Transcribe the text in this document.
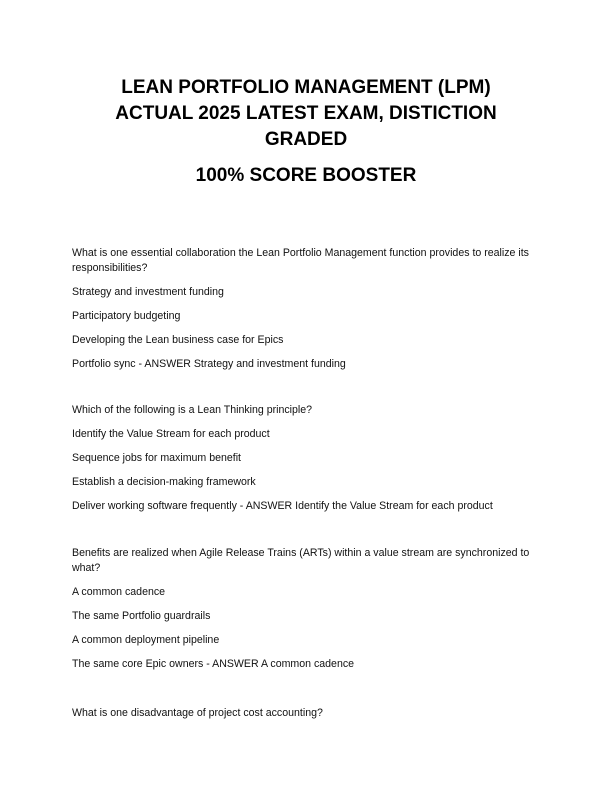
LEAN PORTFOLIO MANAGEMENT (LPM)

ACTUAL 2025 LATEST EXAM, DISTICTION

GRADED

100% SCORE BOOSTER

What is one essential collaboration the Lean Portfolio Management function provides to realize its responsibilities?

Strategy and investment funding

Participatory budgeting

Developing the Lean business case for Epics

Portfolio sync - ANSWER Strategy and investment funding

Which of the following is a Lean Thinking principle?

Identify the Value Stream for each product

Sequence jobs for maximum benefit

Establish a decision-making framework

Deliver working software frequently - ANSWER Identify the Value Stream for each product

Benefits are realized when Agile Release Trains (ARTs) within a value stream are synchronized to what?

A common cadence

The same Portfolio guardrails

A common deployment pipeline

The same core Epic owners - ANSWER A common cadence

What is one disadvantage of project cost accounting?
